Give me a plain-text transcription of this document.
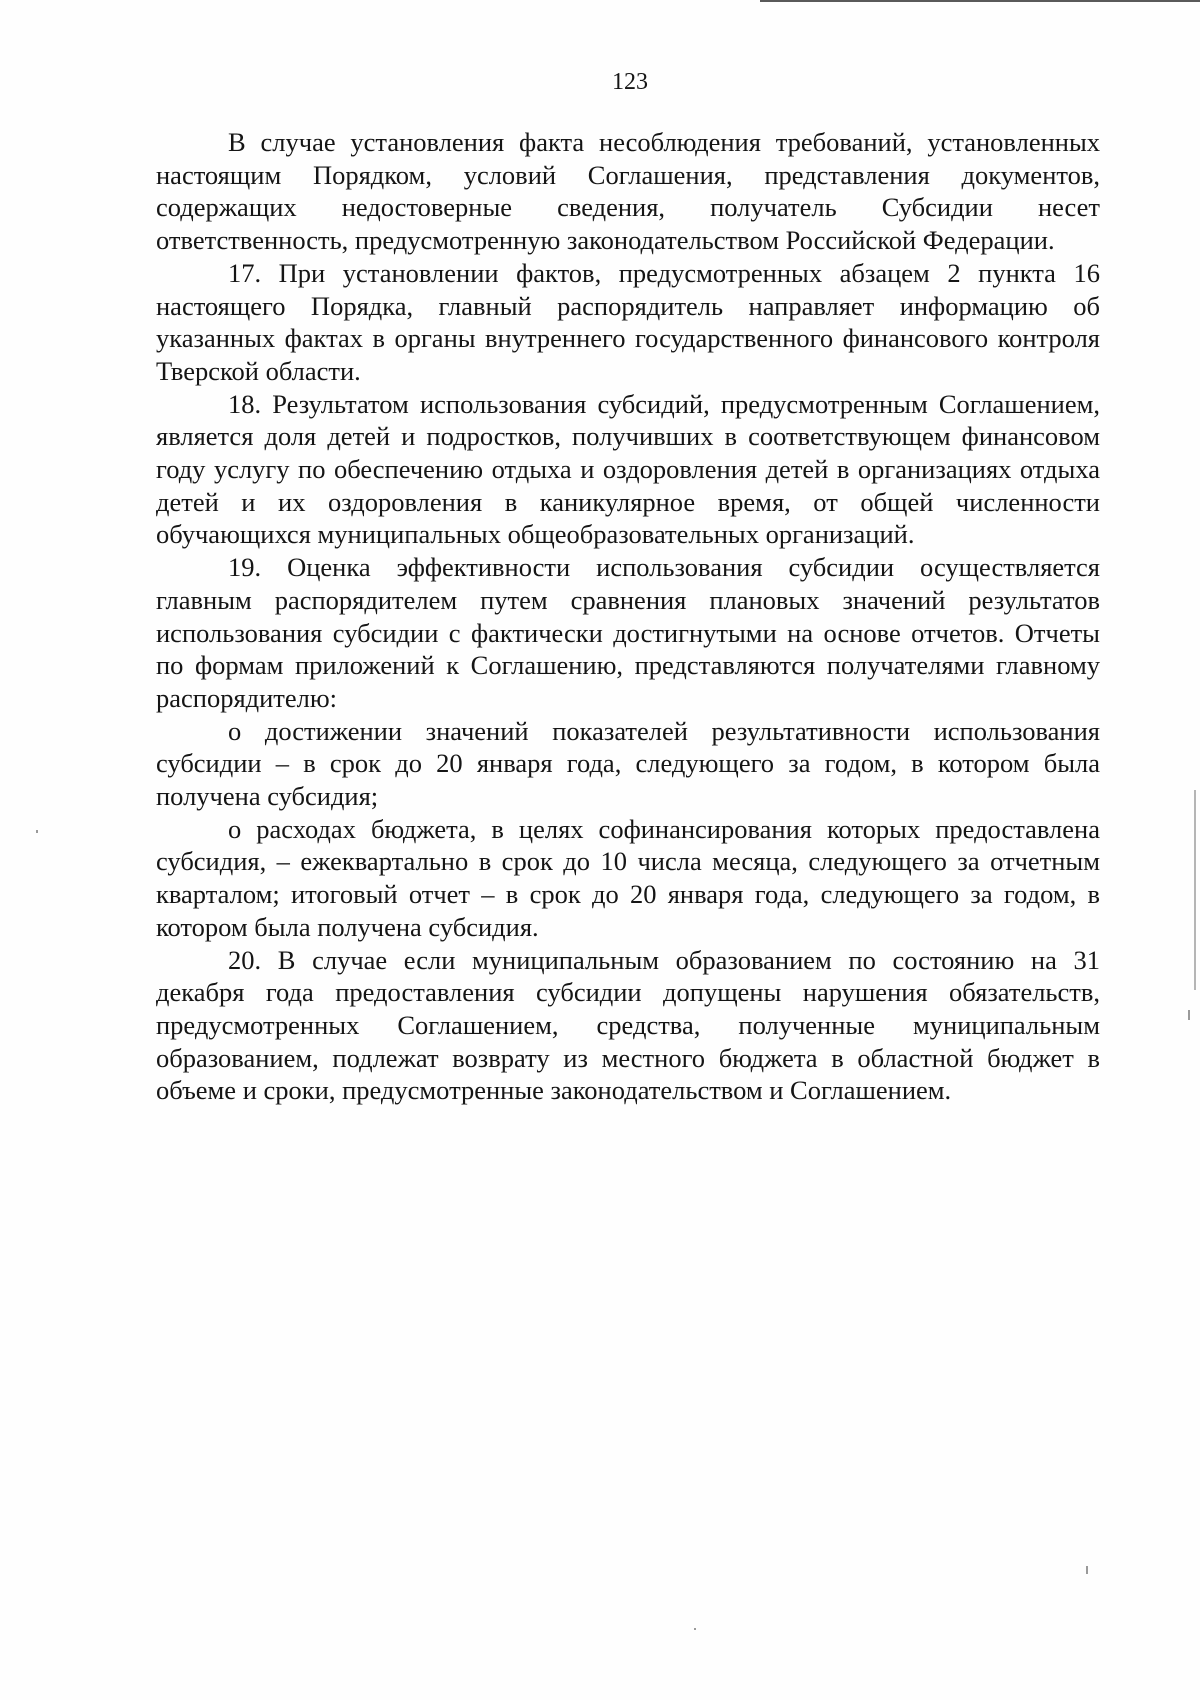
123

В случае установления факта несоблюдения требований, установленных настоящим Порядком, условий Соглашения, представления документов, содержащих недостоверные сведения, получатель Субсидии несет ответственность, предусмотренную законодательством Российской Федерации.

17. При установлении фактов, предусмотренных абзацем 2 пункта 16 настоящего Порядка, главный распорядитель направляет информацию об указанных фактах в органы внутреннего государственного финансового контроля Тверской области.

18. Результатом использования субсидий, предусмотренным Соглашением, является доля детей и подростков, получивших в соответствующем финансовом году услугу по обеспечению отдыха и оздоровления детей в организациях отдыха детей и их оздоровления в каникулярное время, от общей численности обучающихся муниципальных общеобразовательных организаций.

19. Оценка эффективности использования субсидии осуществляется главным распорядителем путем сравнения плановых значений результатов использования субсидии с фактически достигнутыми на основе отчетов. Отчеты по формам приложений к Соглашению, представляются получателями главному распорядителю:

о достижении значений показателей результативности использования субсидии – в срок до 20 января года, следующего за годом, в котором была получена субсидия;

о расходах бюджета, в целях софинансирования которых предоставлена субсидия, – ежеквартально в срок до 10 числа месяца, следующего за отчетным кварталом; итоговый отчет – в срок до 20 января года, следующего за годом, в котором была получена субсидия.

20. В случае если муниципальным образованием по состоянию на 31 декабря года предоставления субсидии допущены нарушения обязательств, предусмотренных Соглашением, средства, полученные муниципальным образованием, подлежат возврату из местного бюджета в областной бюджет в объеме и сроки, предусмотренные законодательством и Соглашением.
